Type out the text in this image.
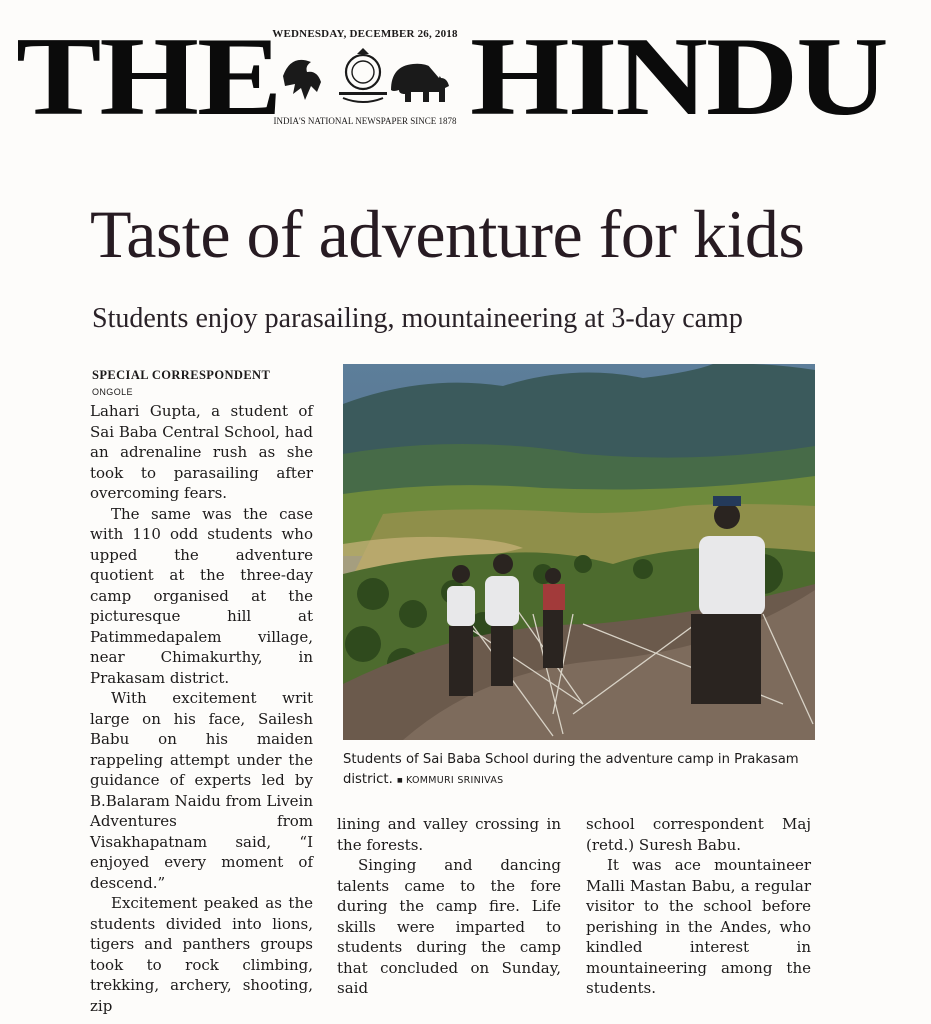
THE HINDU
WEDNESDAY, DECEMBER 26, 2018
INDIA'S NATIONAL NEWSPAPER SINCE 1878
Taste of adventure for kids
Students enjoy parasailing, mountaineering at 3-day camp
SPECIAL CORRESPONDENT
ONGOLE

Lahari Gupta, a student of Sai Baba Central School, had an adrenaline rush as she took to parasailing after overcoming fears.

The same was the case with 110 odd students who upped the adventure quotient at the three-day camp organised at the picturesque hill at Patimmedapalem village, near Chimakurthy, in Prakasam district.

With excitement writ large on his face, Sailesh Babu on his maiden rappeling attempt under the guidance of experts led by B.Balaram Naidu from Livein Adventures from Visakhapatnam said, “I enjoyed every moment of descend.”

Excitement peaked as the students divided into lions, tigers and panthers groups took to rock climbing, trekking, archery, shooting, zip

Students of Sai Baba School during the adventure camp in Prakasam district. ■ KOMMURI SRINIVAS

lining and valley crossing in the forests.

Singing and dancing talents came to the fore during the camp fire. Life skills were imparted to students during the camp that concluded on Sunday, said

school correspondent Maj (retd.) Suresh Babu.

It was ace mountaineer Malli Mastan Babu, a regular visitor to the school before perishing in the Andes, who kindled interest in mountaineering among the students.
